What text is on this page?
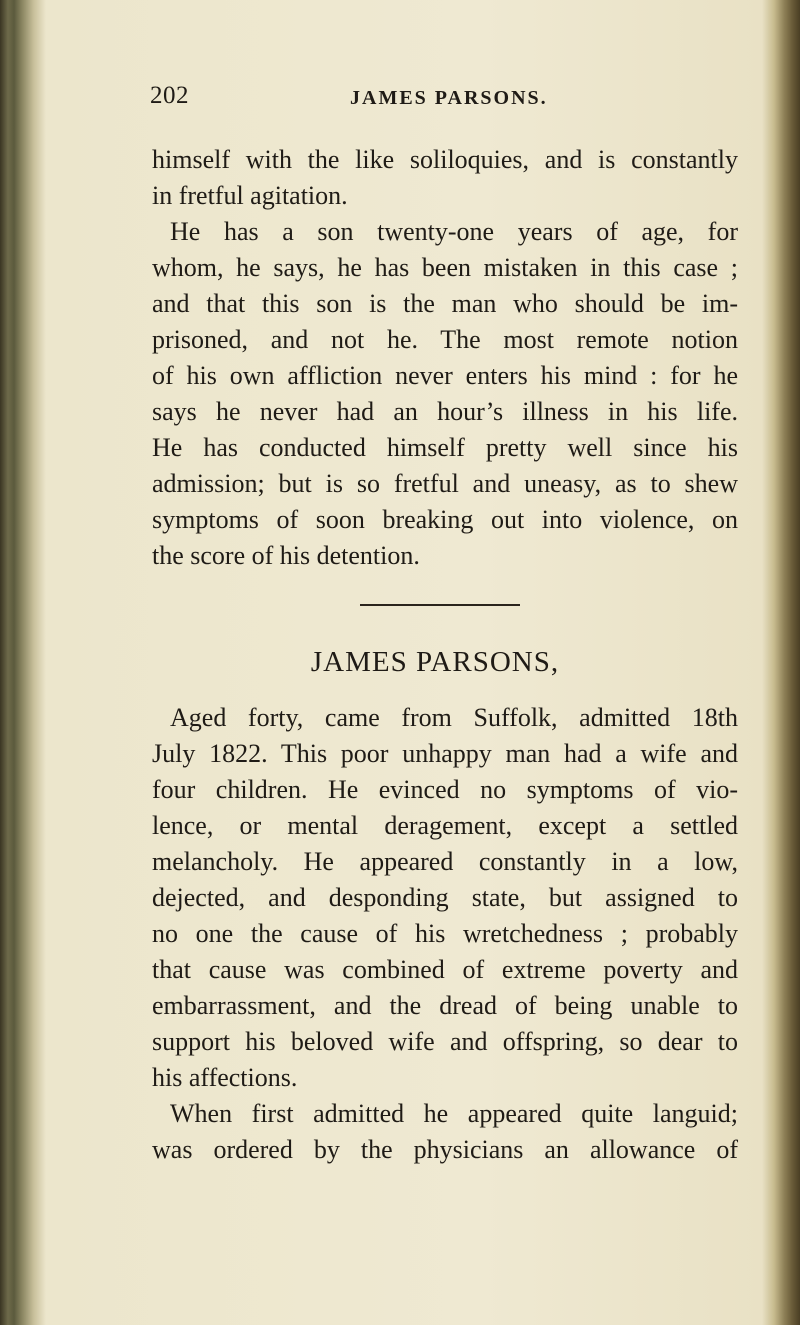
202	JAMES PARSONS.
himself with the like soliloquies, and is constantly
in fretful agitation.
He has a son twenty-one years of age, for
whom, he says, he has been mistaken in this case ;
and that this son is the man who should be im-
prisoned, and not he. The most remote notion
of his own affliction never enters his mind : for he
says he never had an hour’s illness in his life.
He has conducted himself pretty well since his
admission; but is so fretful and uneasy, as to shew
symptoms of soon breaking out into violence, on
the score of his detention.
JAMES PARSONS,
Aged forty, came from Suffolk, admitted 18th
July 1822. This poor unhappy man had a wife and
four children. He evinced no symptoms of vio-
lence, or mental deragement, except a settled
melancholy. He appeared constantly in a low,
dejected, and desponding state, but assigned to
no one the cause of his wretchedness ; probably
that cause was combined of extreme poverty and
embarrassment, and the dread of being unable to
support his beloved wife and offspring, so dear to
his affections.
When first admitted he appeared quite languid;
was ordered by the physicians an allowance of
